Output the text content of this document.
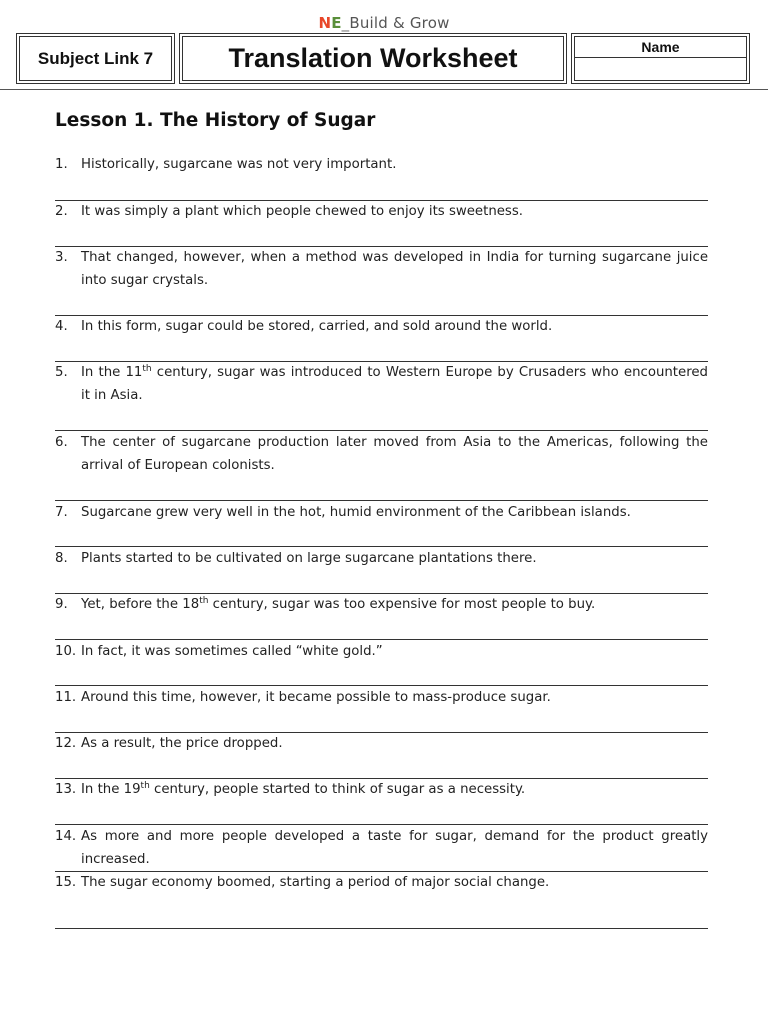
NE_Build & Grow
Subject Link 7	Translation Worksheet	Name
Lesson 1. The History of Sugar
1. Historically, sugarcane was not very important.
2. It was simply a plant which people chewed to enjoy its sweetness.
3. That changed, however, when a method was developed in India for turning sugarcane juice into sugar crystals.
4. In this form, sugar could be stored, carried, and sold around the world.
5. In the 11th century, sugar was introduced to Western Europe by Crusaders who encountered it in Asia.
6. The center of sugarcane production later moved from Asia to the Americas, following the arrival of European colonists.
7. Sugarcane grew very well in the hot, humid environment of the Caribbean islands.
8. Plants started to be cultivated on large sugarcane plantations there.
9. Yet, before the 18th century, sugar was too expensive for most people to buy.
10. In fact, it was sometimes called “white gold.”
11. Around this time, however, it became possible to mass-produce sugar.
12. As a result, the price dropped.
13. In the 19th century, people started to think of sugar as a necessity.
14. As more and more people developed a taste for sugar, demand for the product greatly increased.
15. The sugar economy boomed, starting a period of major social change.
